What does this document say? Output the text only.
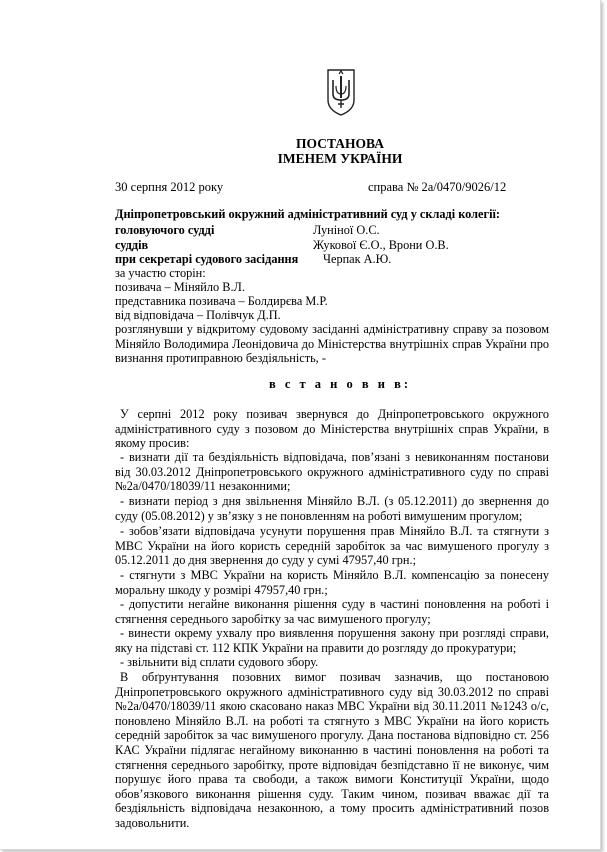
ПОСТАНОВА
ІМЕНЕМ УКРАЇНИ
30 серпня 2012 року	справа № 2а/0470/9026/12
Дніпропетровський окружний адміністративний суд у складі колегії:
головуючого судді	Луніної О.С.
суддів	Жукової Є.О., Врони О.В.
при секретарі судового засідання Черпак А.Ю.
за участю сторін:
позивача – Міняйло В.Л.
представника позивача – Болдирєва М.Р.
від відповідача – Полівчук Д.П.
розглянувши у відкритому судовому засіданні адміністративну справу за позовом Міняйло Володимира Леонідовича до Міністерства внутрішніх справ України про визнання протиправною бездіяльність, -
в с т а н о в и в:
У серпні 2012 року позивач звернувся до Дніпропетровського окружного адміністративного суду з позовом до Міністерства внутрішніх справ України, в якому просив:
- визнати дії та бездіяльність відповідача, пов’язані з невиконанням постанови від 30.03.2012 Дніпропетровського окружного адміністративного суду по справі №2а/0470/18039/11 незаконними;
- визнати період з дня звільнення Міняйло В.Л. (з 05.12.2011) до звернення до суду (05.08.2012) у зв’язку з не поновленням на роботі вимушеним прогулом;
- зобов’язати відповідача усунути порушення прав Міняйло В.Л. та стягнути з МВС України на його користь середній заробіток за час вимушеного прогулу з 05.12.2011 до дня звернення до суду у сумі 47957,40 грн.;
- стягнути з МВС України на користь Міняйло В.Л. компенсацію за понесену моральну шкоду у розмірі 47957,40 грн.;
- допустити негайне виконання рішення суду в частині поновлення на роботі і стягнення середнього заробітку за час вимушеного прогулу;
- винести окрему ухвалу про виявлення порушення закону при розгляді справи, яку на підставі ст. 112 КПК України на правити до розгляду до прокуратури;
- звільнити від сплати судового збору.
В обґрунтування позовних вимог позивач зазначив, що постановою Дніпропетровського окружного адміністративного суду від 30.03.2012 по справі №2а/0470/18039/11 якою скасовано наказ МВС України від 30.11.2011 №1243 о/с, поновлено Міняйло В.Л. на роботі та стягнуто з МВС України на його користь середній заробіток за час вимушеного прогулу. Дана постанова відповідно ст. 256 КАС України підлягає негайному виконанню в частині поновлення на роботі та стягнення середнього заробітку, проте відповідач безпідставно її не виконує, чим порушує його права та свободи, а також вимоги Конституції України, щодо обов’язкового виконання рішення суду. Таким чином, позивач вважає дії та бездіяльність відповідача незаконною, а тому просить адміністративний позов задовольнити.
